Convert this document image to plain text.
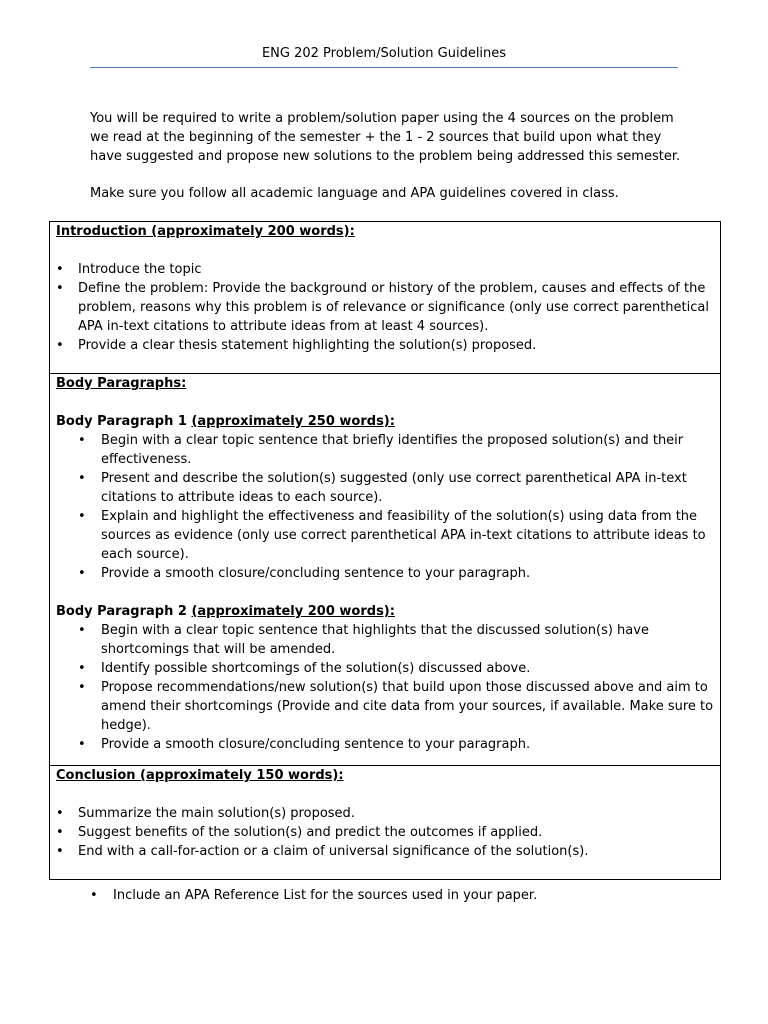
ENG 202 Problem/Solution Guidelines

You will be required to write a problem/solution paper using the 4 sources on the problem we read at the beginning of the semester + the 1 - 2 sources that build upon what they have suggested and propose new solutions to the problem being addressed this semester.

Make sure you follow all academic language and APA guidelines covered in class.

Introduction (approximately 200 words):
• Introduce the topic
• Define the problem: Provide the background or history of the problem, causes and effects of the problem, reasons why this problem is of relevance or significance (only use correct parenthetical APA in-text citations to attribute ideas from at least 4 sources).
• Provide a clear thesis statement highlighting the solution(s) proposed.
Body Paragraphs:
Body Paragraph 1 (approximately 250 words):
• Begin with a clear topic sentence that briefly identifies the proposed solution(s) and their effectiveness.
• Present and describe the solution(s) suggested (only use correct parenthetical APA in-text citations to attribute ideas to each source).
• Explain and highlight the effectiveness and feasibility of the solution(s) using data from the sources as evidence (only use correct parenthetical APA in-text citations to attribute ideas to each source).
• Provide a smooth closure/concluding sentence to your paragraph.
Body Paragraph 2 (approximately 200 words):
• Begin with a clear topic sentence that highlights that the discussed solution(s) have shortcomings that will be amended.
• Identify possible shortcomings of the solution(s) discussed above.
• Propose recommendations/new solution(s) that build upon those discussed above and aim to amend their shortcomings (Provide and cite data from your sources, if available. Make sure to hedge).
• Provide a smooth closure/concluding sentence to your paragraph.
Conclusion (approximately 150 words):
• Summarize the main solution(s) proposed.
• Suggest benefits of the solution(s) and predict the outcomes if applied.
• End with a call-for-action or a claim of universal significance of the solution(s).
• Include an APA Reference List for the sources used in your paper.
